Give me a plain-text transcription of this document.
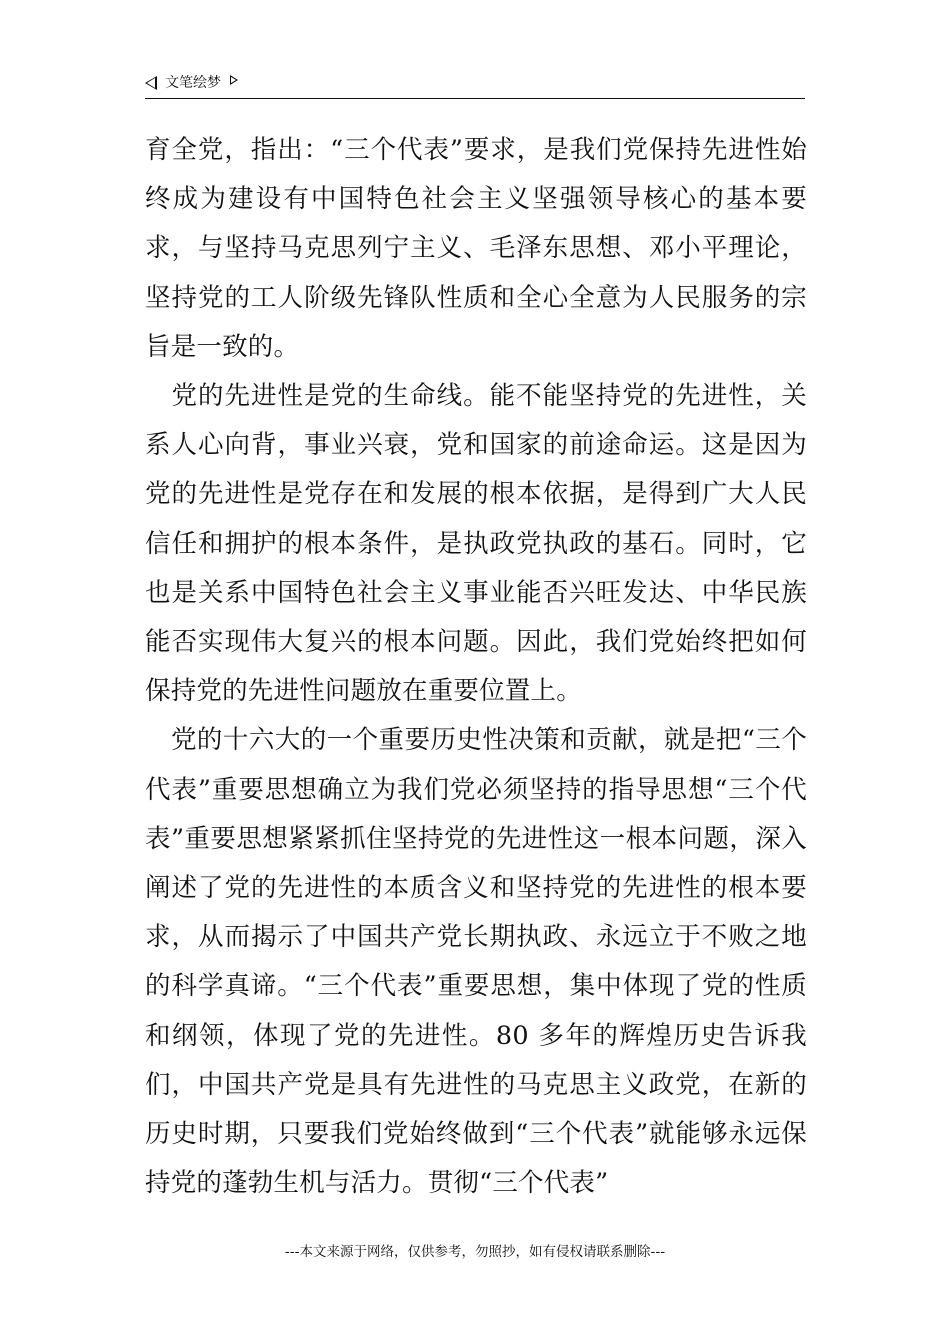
文笔绘梦

育全党，指出：“三个代表”要求，是我们党保持先进性始终成为建设有中国特色社会主义坚强领导核心的基本要求，与坚持马克思列宁主义、毛泽东思想、邓小平理论，坚持党的工人阶级先锋队性质和全心全意为人民服务的宗旨是一致的。

　党的先进性是党的生命线。能不能坚持党的先进性，关系人心向背，事业兴衰，党和国家的前途命运。这是因为党的先进性是党存在和发展的根本依据，是得到广大人民信任和拥护的根本条件，是执政党执政的基石。同时，它也是关系中国特色社会主义事业能否兴旺发达、中华民族能否实现伟大复兴的根本问题。因此，我们党始终把如何保持党的先进性问题放在重要位置上。

　党的十六大的一个重要历史性决策和贡献，就是把“三个代表”重要思想确立为我们党必须坚持的指导思想“三个代表”重要思想紧紧抓住坚持党的先进性这一根本问题，深入阐述了党的先进性的本质含义和坚持党的先进性的根本要求，从而揭示了中国共产党长期执政、永远立于不败之地的科学真谛。“三个代表”重要思想，集中体现了党的性质和纲领，体现了党的先进性。80 多年的辉煌历史告诉我们，中国共产党是具有先进性的马克思主义政党，在新的历史时期，只要我们党始终做到“三个代表”就能够永远保持党的蓬勃生机与活力。贯彻“三个代表”

---本文来源于网络，仅供参考，勿照抄，如有侵权请联系删除---
